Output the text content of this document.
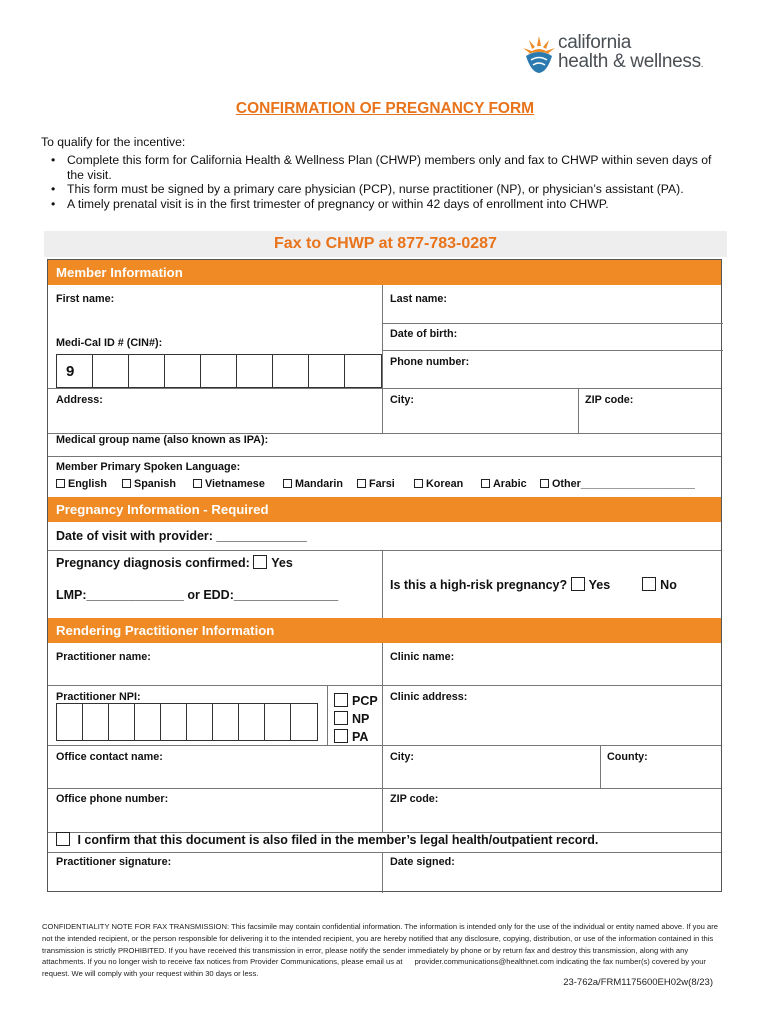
california
health & wellness.
CONFIRMATION OF PREGNANCY FORM
To qualify for the incentive:
• Complete this form for California Health & Wellness Plan (CHWP) members only and fax to CHWP within seven days of the visit.
• This form must be signed by a primary care physician (PCP), nurse practitioner (NP), or physician’s assistant (PA).
• A timely prenatal visit is in the first trimester of pregnancy or within 42 days of enrollment into CHWP.
Fax to CHWP at 877-783-0287
Member Information
First name:	Last name:
Medi-Cal ID # (CIN#):
Date of birth:
Phone number:
9
Address:	City:	ZIP code:
Medical group name (also known as IPA):
Member Primary Spoken Language:
English	Spanish	Vietnamese	Mandarin	Farsi	Korean	Arabic	Other___________________
Pregnancy Information - Required
Date of visit with provider: _____________
Pregnancy diagnosis confirmed: Yes
LMP:______________ or EDD:_______________
Is this a high-risk pregnancy? Yes	No
Rendering Practitioner Information
Practitioner name:	Clinic name:
Practitioner NPI:	Clinic address:
PCP
NP
PA
Office contact name:	City:	County:
Office phone number:	ZIP code:
I confirm that this document is also filed in the member’s legal health/outpatient record.
Practitioner signature:	Date signed:
CONFIDENTIALITY NOTE FOR FAX TRANSMISSION: This facsimile may contain confidential information. The information is intended only for the use of the individual or entity named above. If you are not the intended recipient, or the person responsible for delivering it to the intended recipient, you are hereby notified that any disclosure, copying, distribution, or use of the information contained in this transmission is strictly PROHIBITED. If you have received this transmission in error, please notify the sender immediately by phone or by return fax and destroy this transmission, along with any attachments. If you no longer wish to receive fax notices from Provider Communications, please email us at provider.communications@healthnet.com indicating the fax number(s) covered by your request. We will comply with your request within 30 days or less.
23-762a/FRM1175600EH02w(8/23)
